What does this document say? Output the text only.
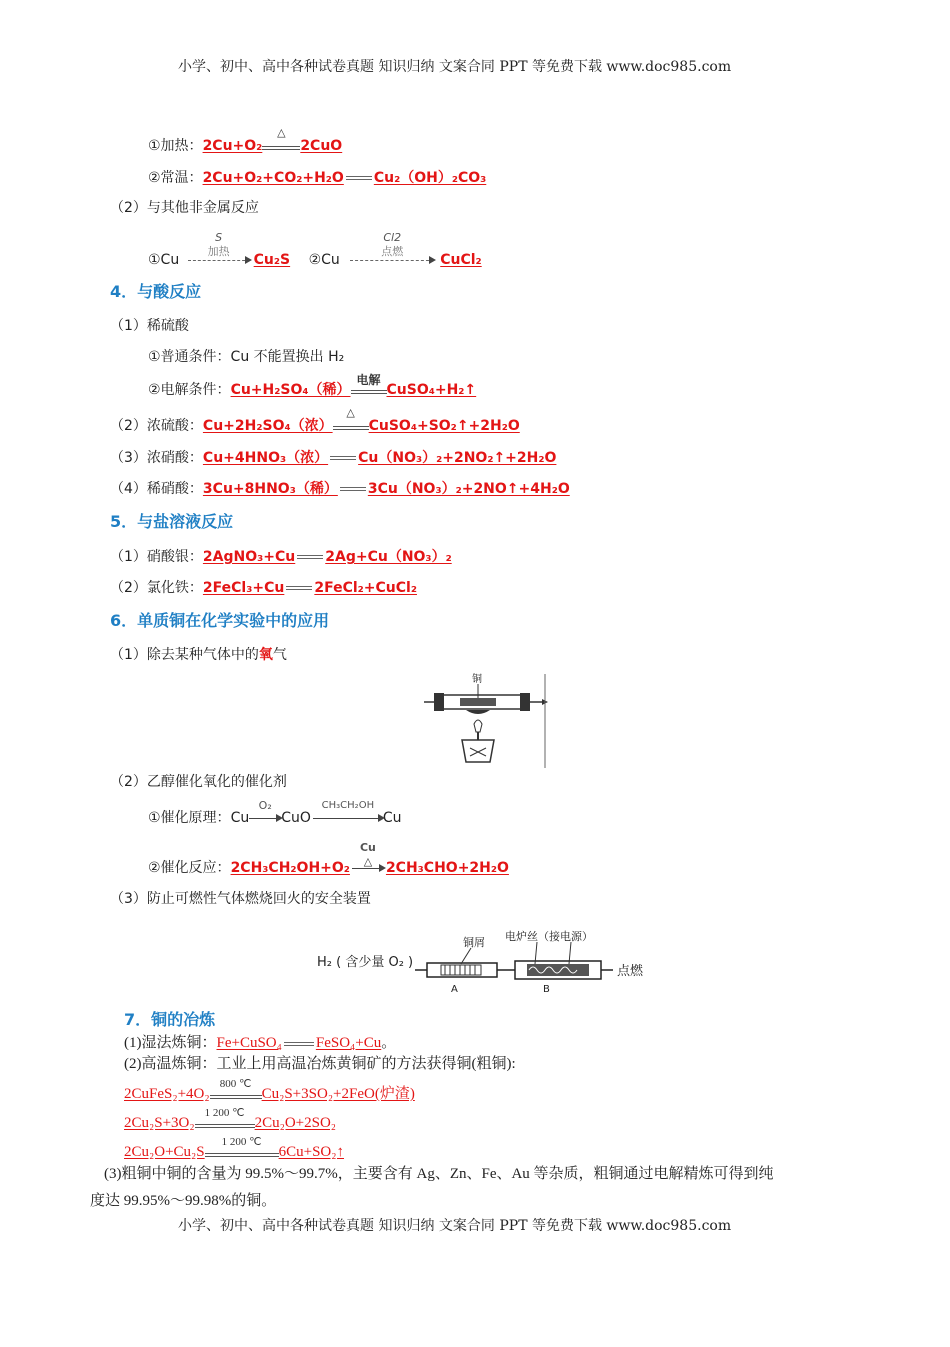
小学、初中、高中各种试卷真题 知识归纳 文案合同 PPT 等免费下载 www.doc985.com
①加热：2Cu+O₂
△
2CuO
②常温：2Cu+O₂+CO₂+H₂O Cu₂（OH）₂CO₃
（2）与其他非金属反应
①Cu
S
加热
Cu₂S ②Cu
Cl2
点燃
CuCl₂
4．与酸反应
（1）稀硫酸
①普通条件：Cu 不能置换出 H₂
②电解条件：Cu+H₂SO₄（稀）
电解
CuSO₄+H₂↑
（2）浓硫酸：Cu+2H₂SO₄（浓）
△
CuSO₄+SO₂↑+2H₂O
（3）浓硝酸：Cu+4HNO₃（浓） Cu（NO₃）₂+2NO₂↑+2H₂O
（4）稀硝酸：3Cu+8HNO₃（稀） 3Cu（NO₃）₂+2NO↑+4H₂O
5．与盐溶液反应
（1）硝酸银：2AgNO₃+Cu 2Ag+Cu（NO₃）₂
（2）氯化铁：2FeCl₃+Cu 2FeCl₂+CuCl₂
6．单质铜在化学实验中的应用
（1）除去某种气体中的氧气
铜
（2）乙醇催化氧化的催化剂
①催化原理：Cu
O₂
CuO
CH₃CH₂OH
Cu
②催化反应：2CH₃CH₂OH+O₂
Cu
△ 2CH₃CHO+2H₂O
（3）防止可燃性气体燃烧回火的安全装置
H₂ ( 含少量 O₂ )
铜屑 电炉丝（接电源）
点燃
A	B
7．铜的冶炼
(1)湿法炼铜：Fe+CuSO₄ FeSO₄+Cu。
(2)高温炼铜：工业上用高温冶炼黄铜矿的方法获得铜(粗铜):
2CuFeS₂+4O₂
800 ℃
Cu₂S+3SO₂+2FeO(炉渣)
2Cu₂S+3O₂
1 200 ℃
2Cu₂O+2SO₂
2Cu₂O+Cu₂S
1 200 ℃
6Cu+SO₂↑
(3)粗铜中铜的含量为 99.5%～99.7%，主要含有 Ag、Zn、Fe、Au 等杂质，粗铜通过电解精炼可得到纯
度达 99.95%～99.98%的铜。
小学、初中、高中各种试卷真题 知识归纳 文案合同 PPT 等免费下载 www.doc985.com
